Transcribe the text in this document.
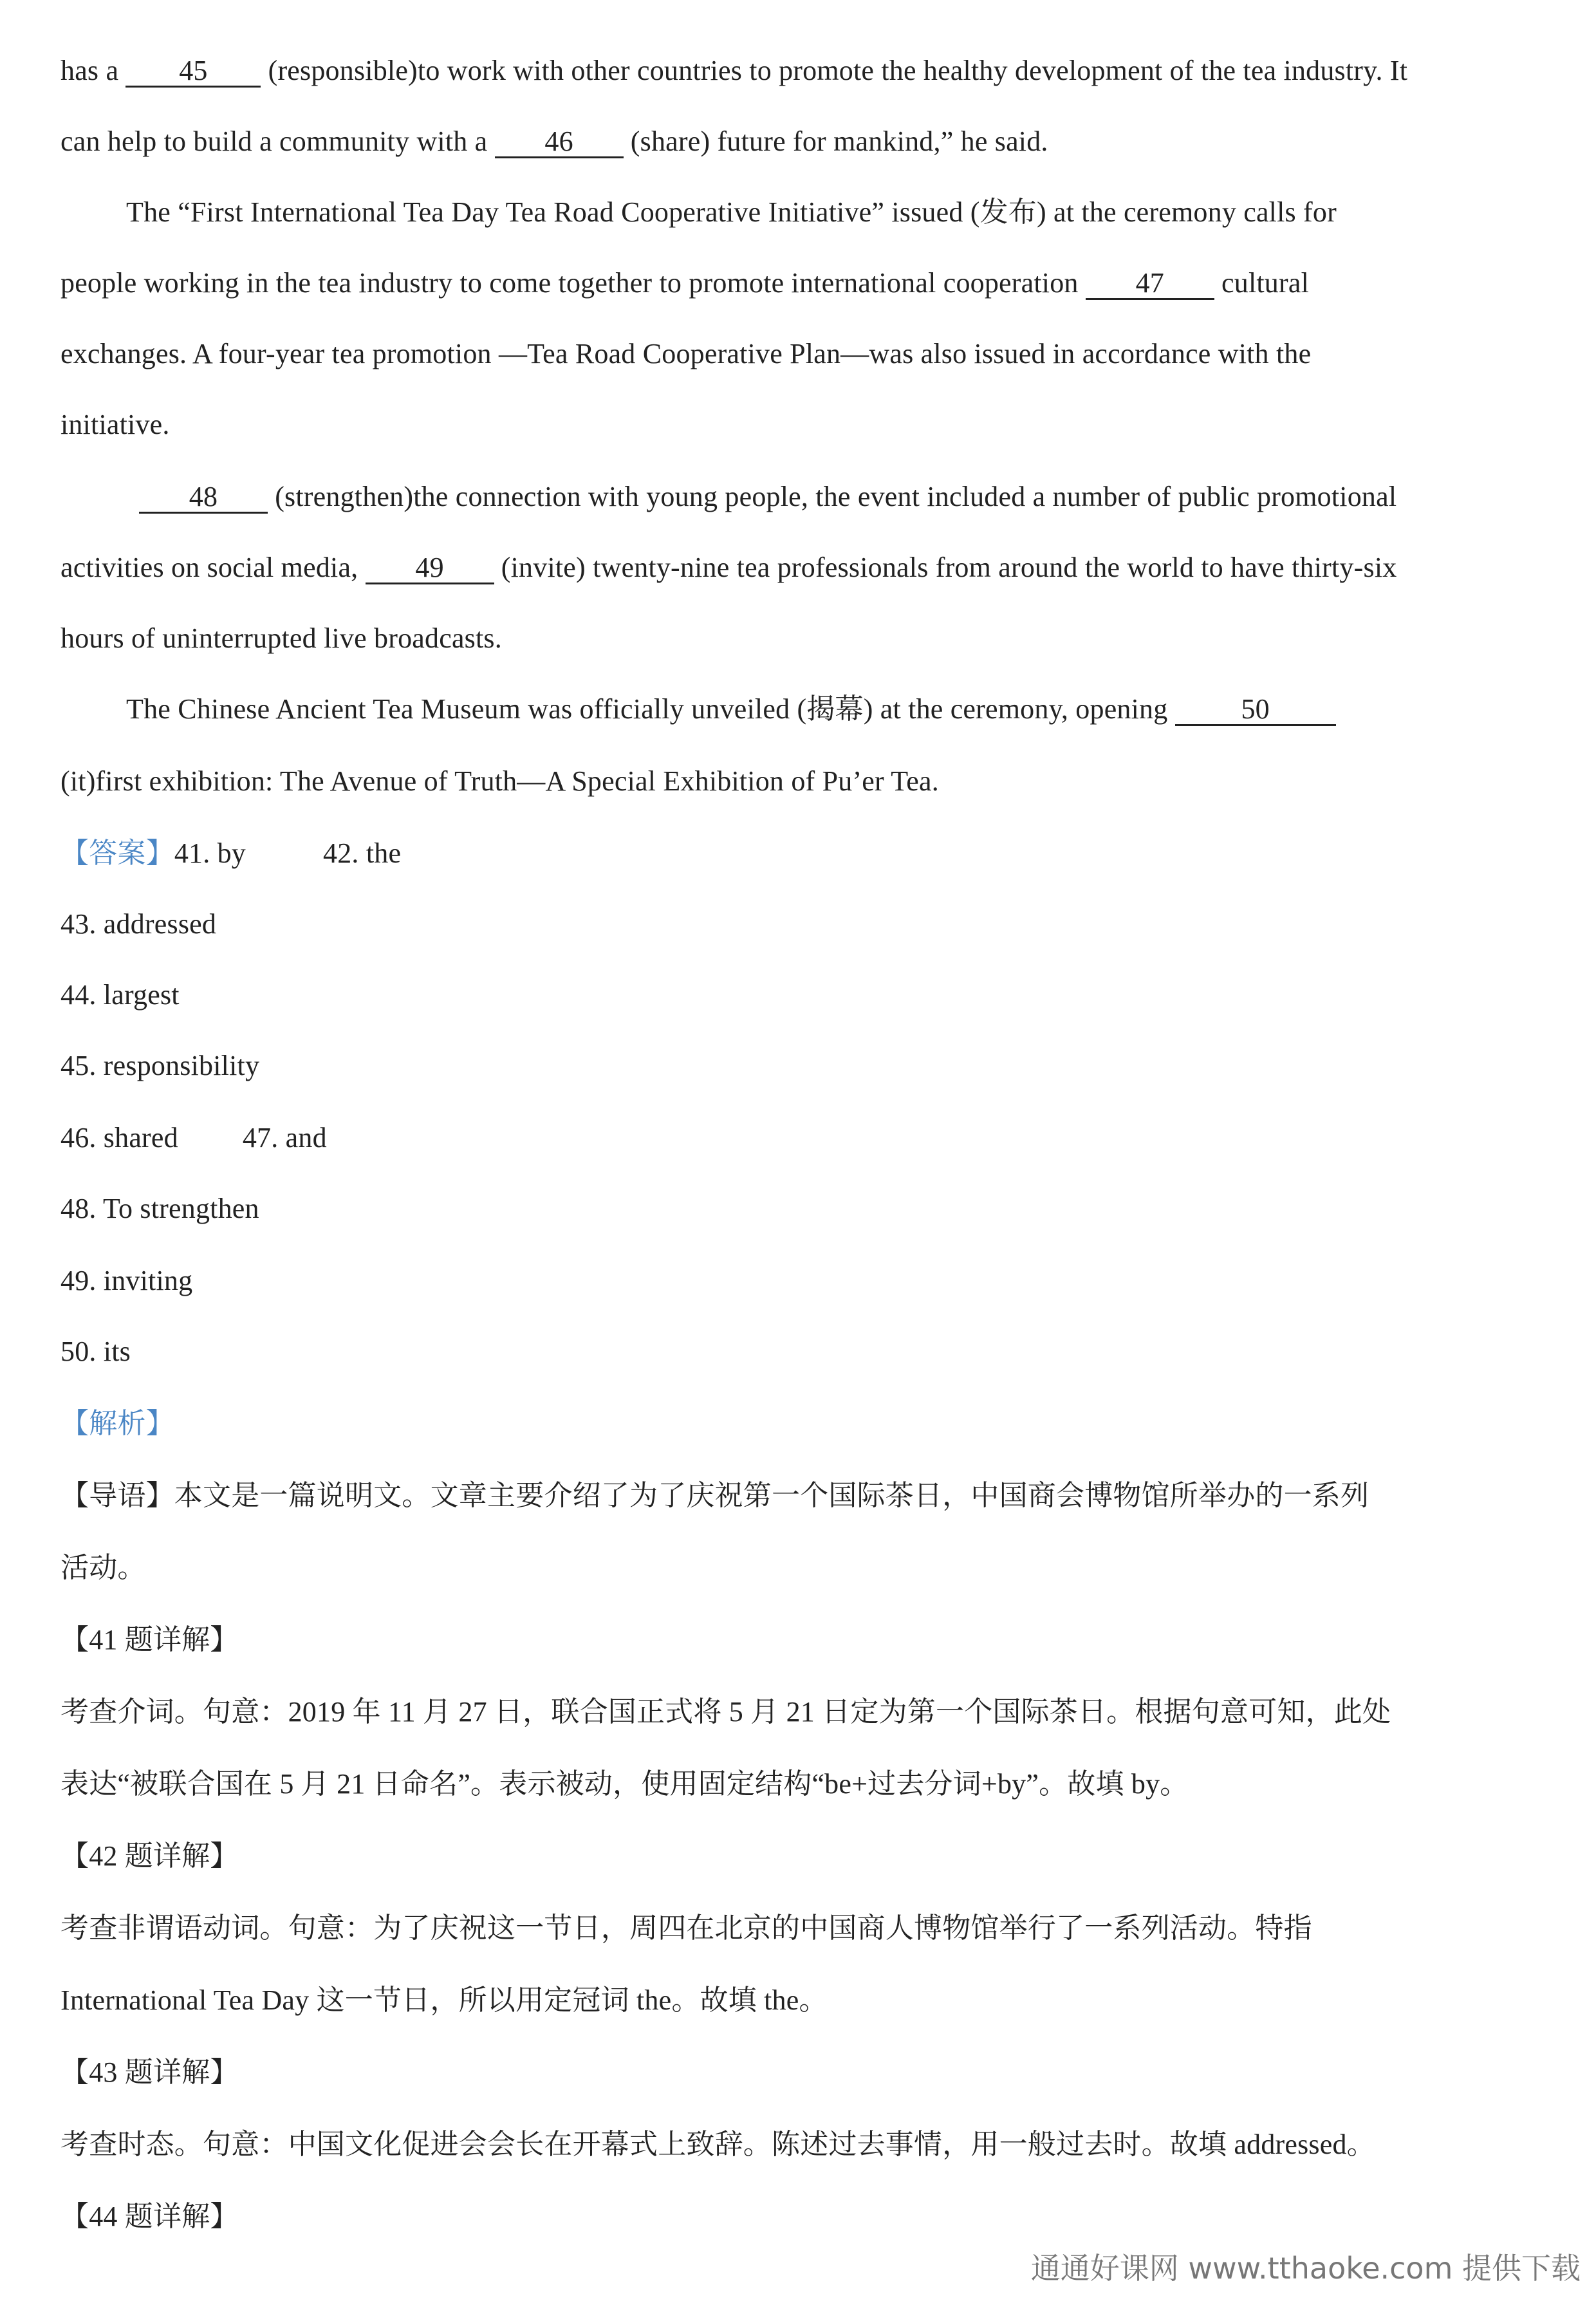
has a 45 (responsible)to work with other countries to promote the healthy development of the tea industry. It
can help to build a community with a 46 (share) future for mankind,” he said.
The “First International Tea Day Tea Road Cooperative Initiative” issued (发布) at the ceremony calls for
people working in the tea industry to come together to promote international cooperation 47 cultural
exchanges. A four-year tea promotion —Tea Road Cooperative Plan—was also issued in accordance with the
initiative.
48 (strengthen)the connection with young people, the event included a number of public promotional
activities on social media, 49 (invite) twenty-nine tea professionals from around the world to have thirty-six
hours of uninterrupted live broadcasts.
The Chinese Ancient Tea Museum was officially unveiled (揭幕) at the ceremony, opening 50
(it)first exhibition: The Avenue of Truth—A Special Exhibition of Pu’er Tea.
【答案】41. by	42. the
43. addressed
44. largest
45. responsibility
46. shared 47. and
48. To strengthen
49. inviting
50. its
【解析】
【导语】本文是一篇说明文。文章主要介绍了为了庆祝第一个国际茶日，中国商会博物馆所举办的一系列
活动。
【41 题详解】
考查介词。句意：2019 年 11 月 27 日，联合国正式将 5 月 21 日定为第一个国际茶日。根据句意可知，此处
表达“被联合国在 5 月 21 日命名”。表示被动，使用固定结构“be+过去分词+by”。故填 by。
【42 题详解】
考查非谓语动词。句意：为了庆祝这一节日，周四在北京的中国商人博物馆举行了一系列活动。特指
International Tea Day 这一节日，所以用定冠词 the。故填 the。
【43 题详解】
考查时态。句意：中国文化促进会会长在开幕式上致辞。陈述过去事情，用一般过去时。故填 addressed。
【44 题详解】
通通好课网 www.tthaoke.com 提供下载
